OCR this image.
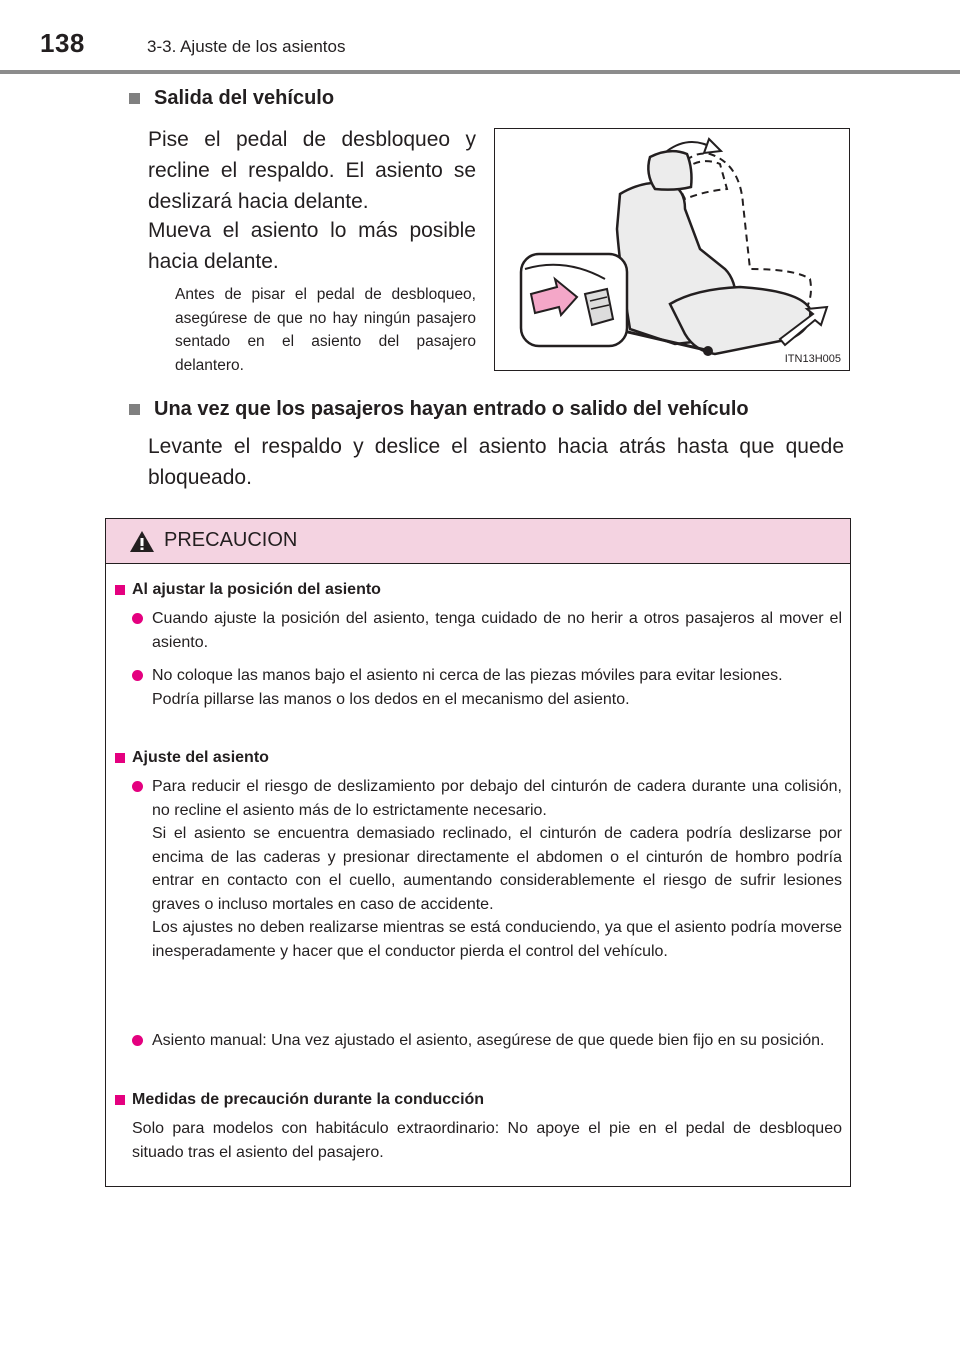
138	3-3. Ajuste de los asientos
Salida del vehículo
Pise el pedal de desbloqueo y recline el respaldo. El asiento se deslizará hacia delante.
Mueva el asiento lo más posible hacia delante.
Antes de pisar el pedal de desbloqueo, asegúrese de que no hay ningún pasajero sentado en el asiento del pasajero delantero.	ITN13H005
Una vez que los pasajeros hayan entrado o salido del vehículo
Levante el respaldo y deslice el asiento hacia atrás hasta que quede bloqueado.
PRECAUCION
Al ajustar la posición del asiento
Cuando ajuste la posición del asiento, tenga cuidado de no herir a otros pasajeros al mover el asiento.
No coloque las manos bajo el asiento ni cerca de las piezas móviles para evitar lesiones.
Podría pillarse las manos o los dedos en el mecanismo del asiento.
Ajuste del asiento
Para reducir el riesgo de deslizamiento por debajo del cinturón de cadera durante una colisión, no recline el asiento más de lo estrictamente necesario.
Si el asiento se encuentra demasiado reclinado, el cinturón de cadera podría deslizarse por encima de las caderas y presionar directamente el abdomen o el cinturón de hombro podría entrar en contacto con el cuello, aumentando considerablemente el riesgo de sufrir lesiones graves o incluso mortales en caso de accidente.
Los ajustes no deben realizarse mientras se está conduciendo, ya que el asiento podría moverse inesperadamente y hacer que el conductor pierda el control del vehículo.
Asiento manual: Una vez ajustado el asiento, asegúrese de que quede bien fijo en su posición.
Medidas de precaución durante la conducción
Solo para modelos con habitáculo extraordinario: No apoye el pie en el pedal de desbloqueo situado tras el asiento del pasajero.
